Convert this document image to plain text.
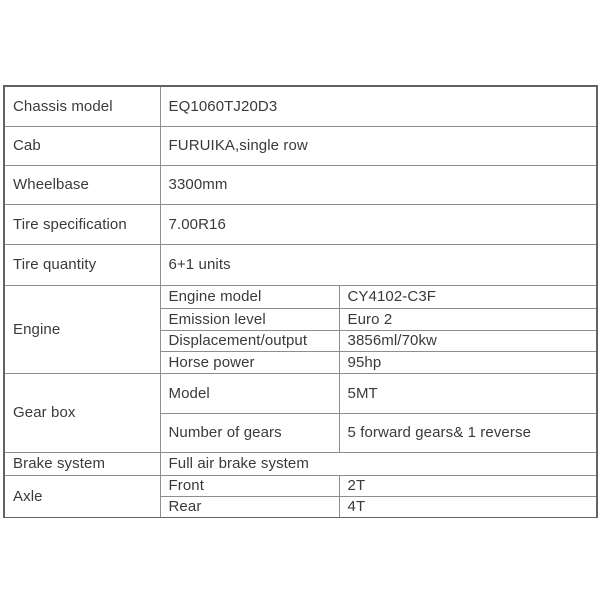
Chassis model	EQ1060TJ20D3	
Cab	FURUIKA,single row	
Wheelbase	3300mm	
Tire specification	7.00R16	
Tire quantity	6+1 units	
Engine	Engine model	CY4102-C3F
	Emission level	Euro 2
	Displacement/output	3856ml/70kw
	Horse power	95hp
Gear box	Model	5MT
	Number of gears	5 forward gears& 1 reverse
Brake system	Full air brake system	
Axle	Front	2T
	Rear	4T
